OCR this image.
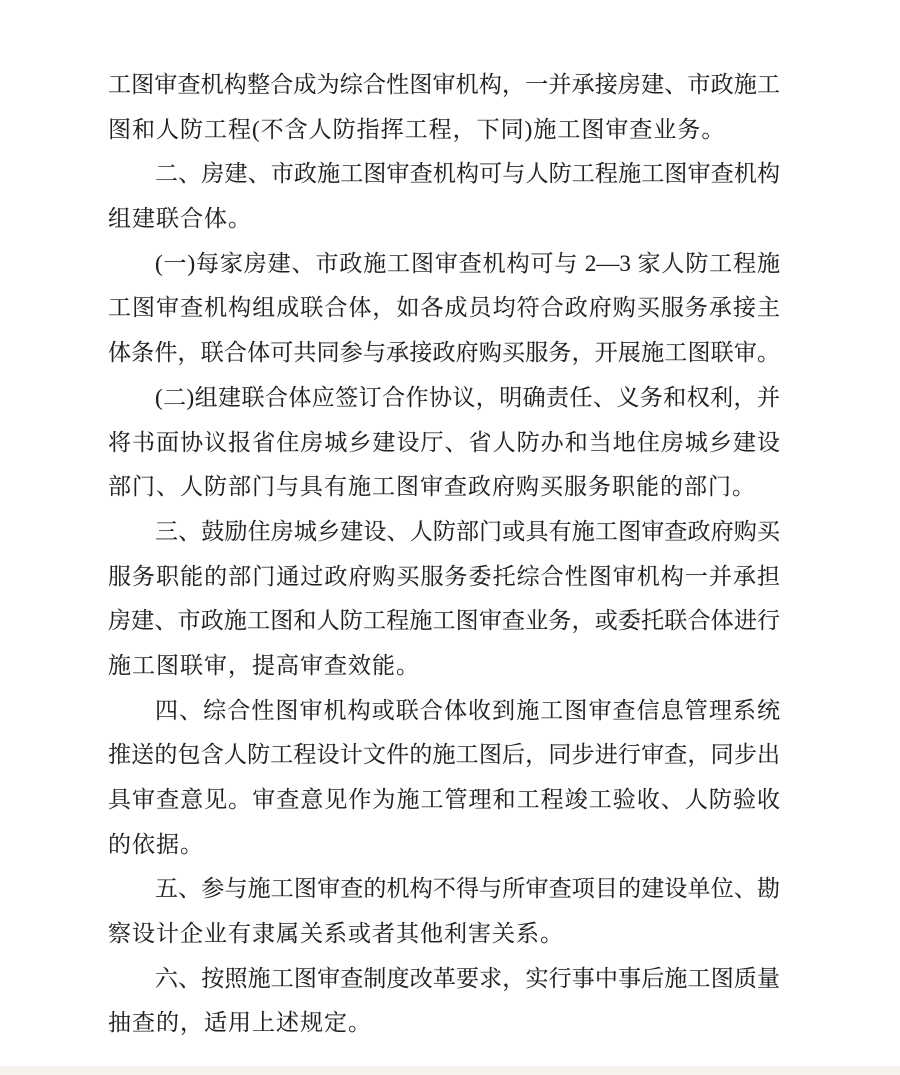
工图审查机构整合成为综合性图审机构，一并承接房建、市政施工
图和人防工程(不含人防指挥工程，下同)施工图审查业务。
二、房建、市政施工图审查机构可与人防工程施工图审查机构
组建联合体。
(一)每家房建、市政施工图审查机构可与 2—3 家人防工程施
工图审查机构组成联合体，如各成员均符合政府购买服务承接主
体条件，联合体可共同参与承接政府购买服务，开展施工图联审。
(二)组建联合体应签订合作协议，明确责任、义务和权利，并
将书面协议报省住房城乡建设厅、省人防办和当地住房城乡建设
部门、人防部门与具有施工图审查政府购买服务职能的部门。
三、鼓励住房城乡建设、人防部门或具有施工图审查政府购买
服务职能的部门通过政府购买服务委托综合性图审机构一并承担
房建、市政施工图和人防工程施工图审查业务，或委托联合体进行
施工图联审，提高审查效能。
四、综合性图审机构或联合体收到施工图审查信息管理系统
推送的包含人防工程设计文件的施工图后，同步进行审查，同步出
具审查意见。审查意见作为施工管理和工程竣工验收、人防验收
的依据。
五、参与施工图审查的机构不得与所审查项目的建设单位、勘
察设计企业有隶属关系或者其他利害关系。
六、按照施工图审查制度改革要求，实行事中事后施工图质量
抽查的，适用上述规定。
